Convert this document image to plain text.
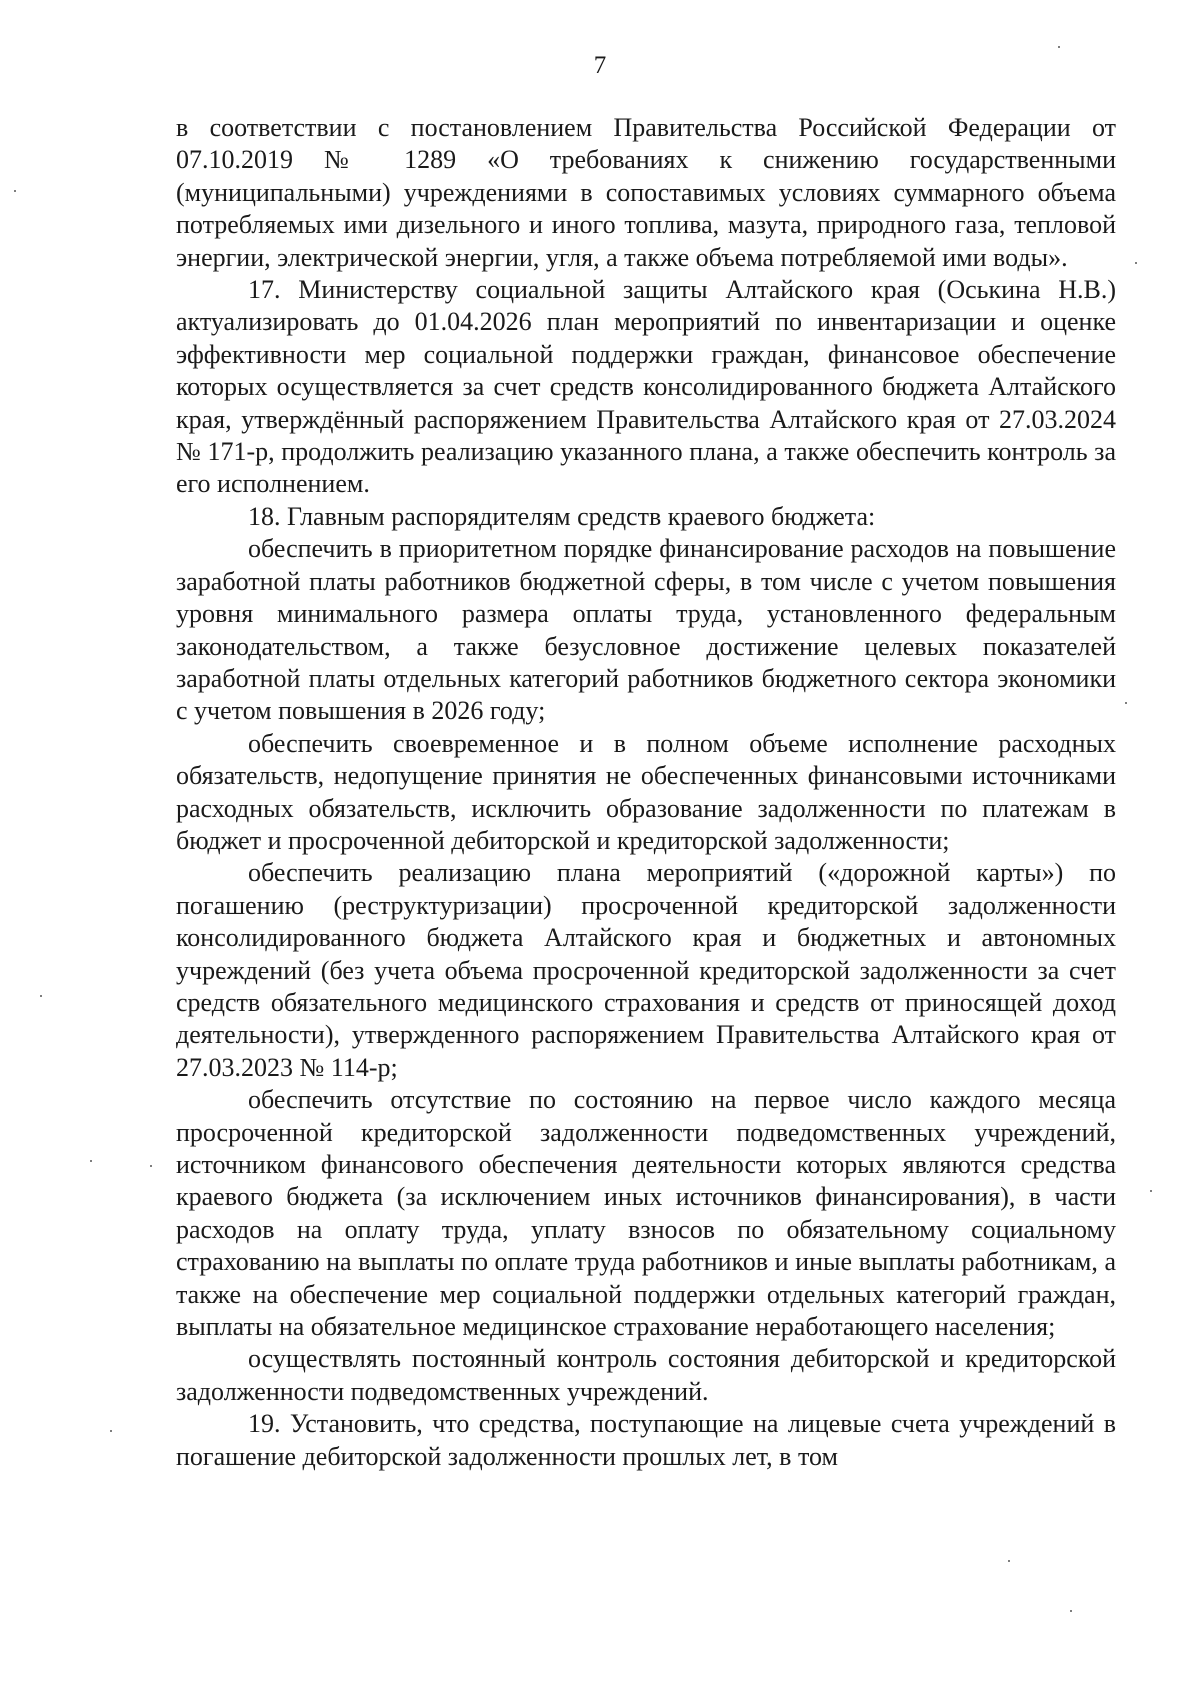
7

в соответствии с постановлением Правительства Российской Федерации от 07.10.2019 № 1289 «О требованиях к снижению государственными (муниципальными) учреждениями в сопоставимых условиях суммарного объема потребляемых ими дизельного и иного топлива, мазута, природного газа, тепловой энергии, электрической энергии, угля, а также объема потребляемой ими воды».

17. Министерству социальной защиты Алтайского края (Оськина Н.В.) актуализировать до 01.04.2026 план мероприятий по инвентаризации и оценке эффективности мер социальной поддержки граждан, финансовое обеспечение которых осуществляется за счет средств консолидированного бюджета Алтайского края, утверждённый распоряжением Правительства Алтайского края от 27.03.2024 № 171-р, продолжить реализацию указанного плана, а также обеспечить контроль за его исполнением.

18. Главным распорядителям средств краевого бюджета:

обеспечить в приоритетном порядке финансирование расходов на повышение заработной платы работников бюджетной сферы, в том числе с учетом повышения уровня минимального размера оплаты труда, установленного федеральным законодательством, а также безусловное достижение целевых показателей заработной платы отдельных категорий работников бюджетного сектора экономики с учетом повышения в 2026 году;

обеспечить своевременное и в полном объеме исполнение расходных обязательств, недопущение принятия не обеспеченных финансовыми источниками расходных обязательств, исключить образование задолженности по платежам в бюджет и просроченной дебиторской и кредиторской задолженности;

обеспечить реализацию плана мероприятий («дорожной карты») по погашению (реструктуризации) просроченной кредиторской задолженности консолидированного бюджета Алтайского края и бюджетных и автономных учреждений (без учета объема просроченной кредиторской задолженности за счет средств обязательного медицинского страхования и средств от приносящей доход деятельности), утвержденного распоряжением Правительства Алтайского края от 27.03.2023 № 114-р;

обеспечить отсутствие по состоянию на первое число каждого месяца просроченной кредиторской задолженности подведомственных учреждений, источником финансового обеспечения деятельности которых являются средства краевого бюджета (за исключением иных источников финансирования), в части расходов на оплату труда, уплату взносов по обязательному социальному страхованию на выплаты по оплате труда работников и иные выплаты работникам, а также на обеспечение мер социальной поддержки отдельных категорий граждан, выплаты на обязательное медицинское страхование неработающего населения;

осуществлять постоянный контроль состояния дебиторской и кредиторской задолженности подведомственных учреждений.

19. Установить, что средства, поступающие на лицевые счета учреждений в погашение дебиторской задолженности прошлых лет, в том
